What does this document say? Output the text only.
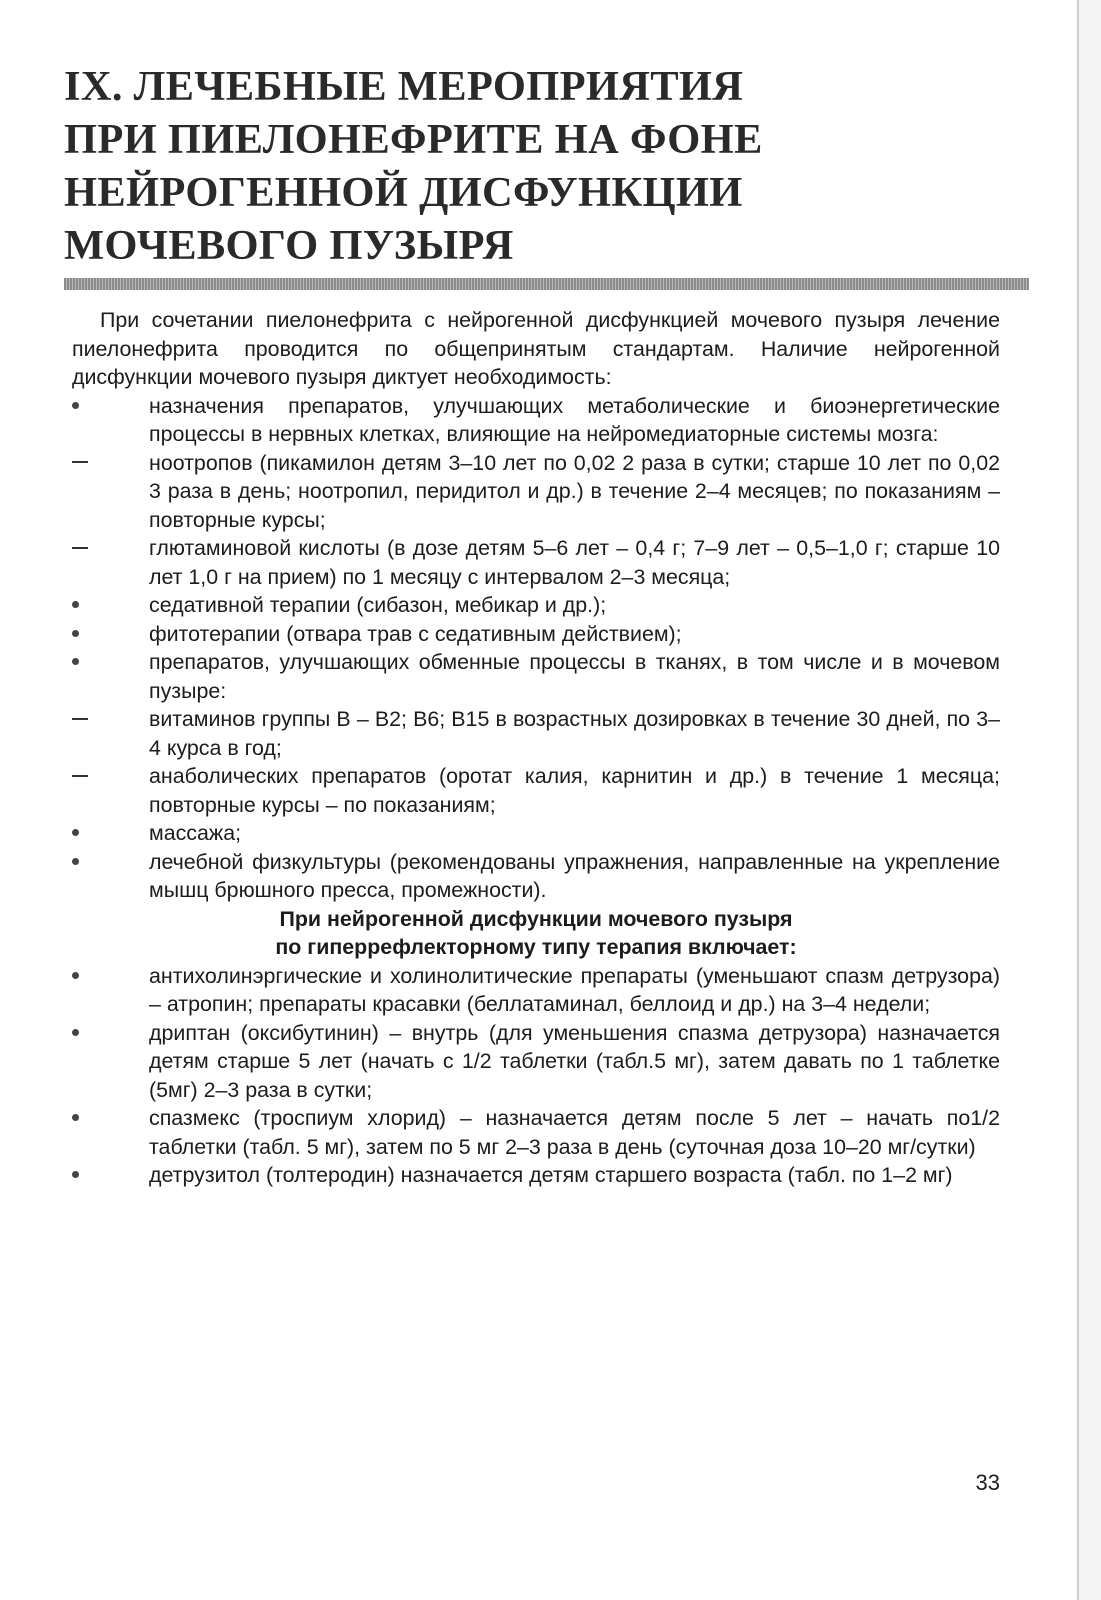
IX. ЛЕЧЕБНЫЕ МЕРОПРИЯТИЯ
ПРИ ПИЕЛОНЕФРИТЕ НА ФОНЕ
НЕЙРОГЕННОЙ ДИСФУНКЦИИ
МОЧЕВОГО ПУЗЫРЯ

При сочетании пиелонефрита с нейрогенной дисфункцией мочевого пузыря лечение пиелонефрита проводится по общепринятым стандартам. Наличие нейрогенной дисфункции мочевого пузыря диктует необходимость:

назначения препаратов, улучшающих метаболические и биоэнергетические процессы в нервных клетках, влияющие на нейромедиаторные системы мозга:
ноотропов (пикамилон детям 3–10 лет по 0,02 2 раза в сутки; старше 10 лет по 0,02 3 раза в день; ноотропил, перидитол и др.) в течение 2–4 месяцев; по показаниям – повторные курсы;
глютаминовой кислоты (в дозе детям 5–6 лет – 0,4 г; 7–9 лет – 0,5–1,0 г; старше 10 лет 1,0 г на прием) по 1 месяцу с интервалом 2–3 месяца;
седативной терапии (сибазон, мебикар и др.);
фитотерапии (отвара трав с седативным действием);
препаратов, улучшающих обменные процессы в тканях, в том числе и в мочевом пузыре:
витаминов группы В – В2; В6; В15 в возрастных дозировках в течение 30 дней, по 3–4 курса в год;
анаболических препаратов (оротат калия, карнитин и др.) в течение 1 месяца; повторные курсы – по показаниям;
массажа;
лечебной физкультуры (рекомендованы упражнения, направленные на укрепление мышц брюшного пресса, промежности).

При нейрогенной дисфункции мочевого пузыря
по гиперрефлекторному типу терапия включает:

антихолинэргические и холинолитические препараты (уменьшают спазм детрузора) – атропин; препараты красавки (беллатаминал, беллоид и др.) на 3–4 недели;
дриптан (оксибутинин) – внутрь (для уменьшения спазма детрузора) назначается детям старше 5 лет (начать с 1/2 таблетки (табл.5 мг), затем давать по 1 таблетке (5мг) 2–3 раза в сутки;
спазмекс (троспиум хлорид) – назначается детям после 5 лет – начать по1/2 таблетки (табл. 5 мг), затем по 5 мг 2–3 раза в день (суточная доза 10–20 мг/сутки)
детрузитол (толтеродин) назначается детям старшего возраста (табл. по 1–2 мг)
33
